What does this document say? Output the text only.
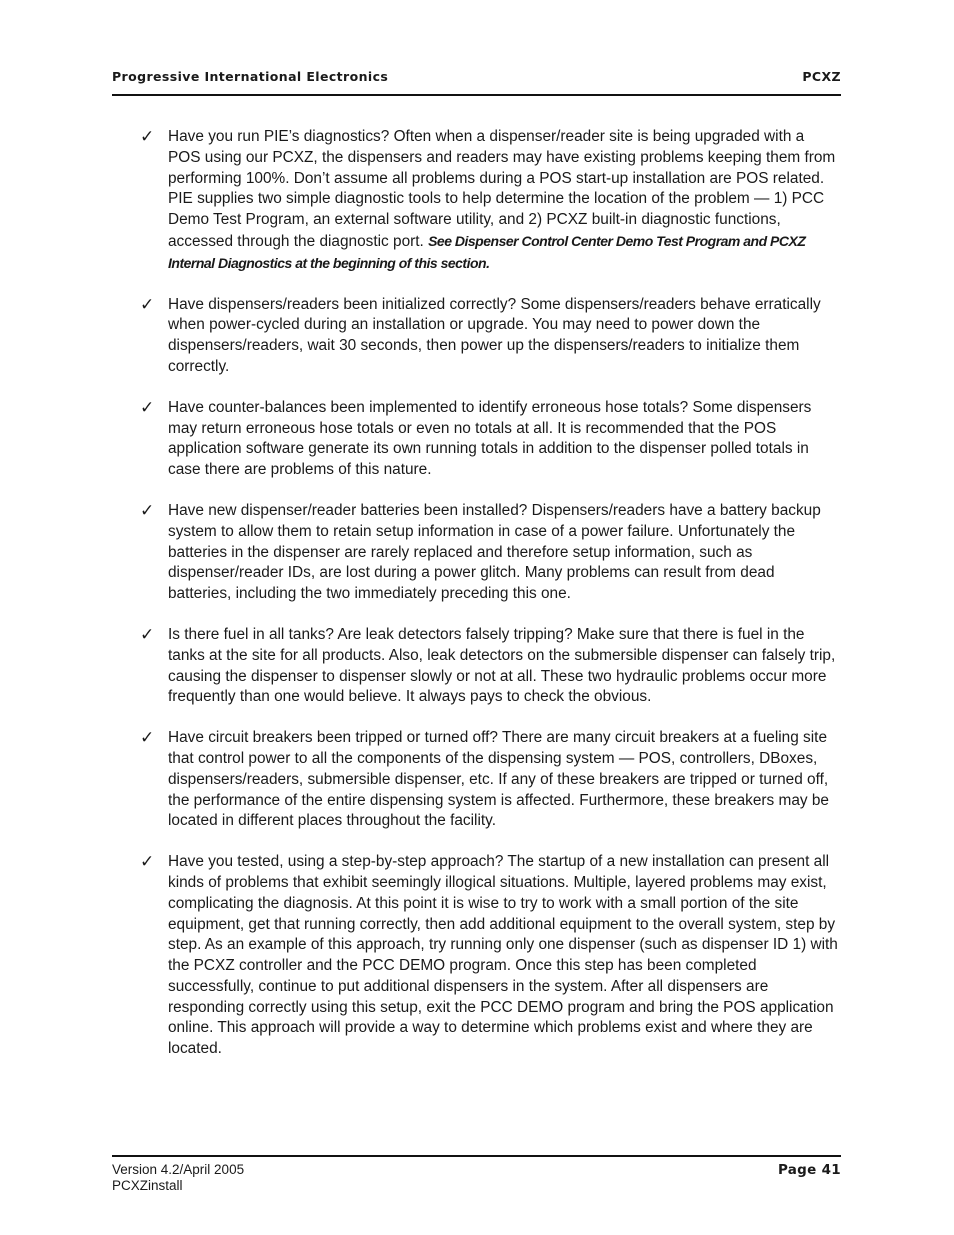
Progressive International Electronics	PCXZ
✓ Have you run PIE’s diagnostics? Often when a dispenser/reader site is being upgraded with a POS using our PCXZ, the dispensers and readers may have existing problems keeping them from performing 100%. Don’t assume all problems during a POS start-up installation are POS related. PIE supplies two simple diagnostic tools to help determine the location of the problem — 1) PCC Demo Test Program, an external software utility, and 2) PCXZ built-in diagnostic functions, accessed through the diagnostic port. See Dispenser Control Center Demo Test Program and PCXZ Internal Diagnostics at the beginning of this section.
✓ Have dispensers/readers been initialized correctly? Some dispensers/readers behave erratically when power-cycled during an installation or upgrade. You may need to power down the dispensers/readers, wait 30 seconds, then power up the dispensers/readers to initialize them correctly.
✓ Have counter-balances been implemented to identify erroneous hose totals? Some dispensers may return erroneous hose totals or even no totals at all. It is recommended that the POS application software generate its own running totals in addition to the dispenser polled totals in case there are problems of this nature.
✓ Have new dispenser/reader batteries been installed? Dispensers/readers have a battery backup system to allow them to retain setup information in case of a power failure. Unfortunately the batteries in the dispenser are rarely replaced and therefore setup information, such as dispenser/reader IDs, are lost during a power glitch. Many problems can result from dead batteries, including the two immediately preceding this one.
✓ Is there fuel in all tanks? Are leak detectors falsely tripping? Make sure that there is fuel in the tanks at the site for all products. Also, leak detectors on the submersible dispenser can falsely trip, causing the dispenser to dispenser slowly or not at all. These two hydraulic problems occur more frequently than one would believe. It always pays to check the obvious.
✓ Have circuit breakers been tripped or turned off? There are many circuit breakers at a fueling site that control power to all the components of the dispensing system — POS, controllers, DBoxes, dispensers/readers, submersible dispenser, etc. If any of these breakers are tripped or turned off, the performance of the entire dispensing system is affected. Furthermore, these breakers may be located in different places throughout the facility.
✓ Have you tested, using a step-by-step approach? The startup of a new installation can present all kinds of problems that exhibit seemingly illogical situations. Multiple, layered problems may exist, complicating the diagnosis. At this point it is wise to try to work with a small portion of the site equipment, get that running correctly, then add additional equipment to the overall system, step by step. As an example of this approach, try running only one dispenser (such as dispenser ID 1) with the PCXZ controller and the PCC DEMO program. Once this step has been completed successfully, continue to put additional dispensers in the system. After all dispensers are responding correctly using this setup, exit the PCC DEMO program and bring the POS application online. This approach will provide a way to determine which problems exist and where they are located.
Version 4.2/April 2005
PCXZinstall
Page 41
